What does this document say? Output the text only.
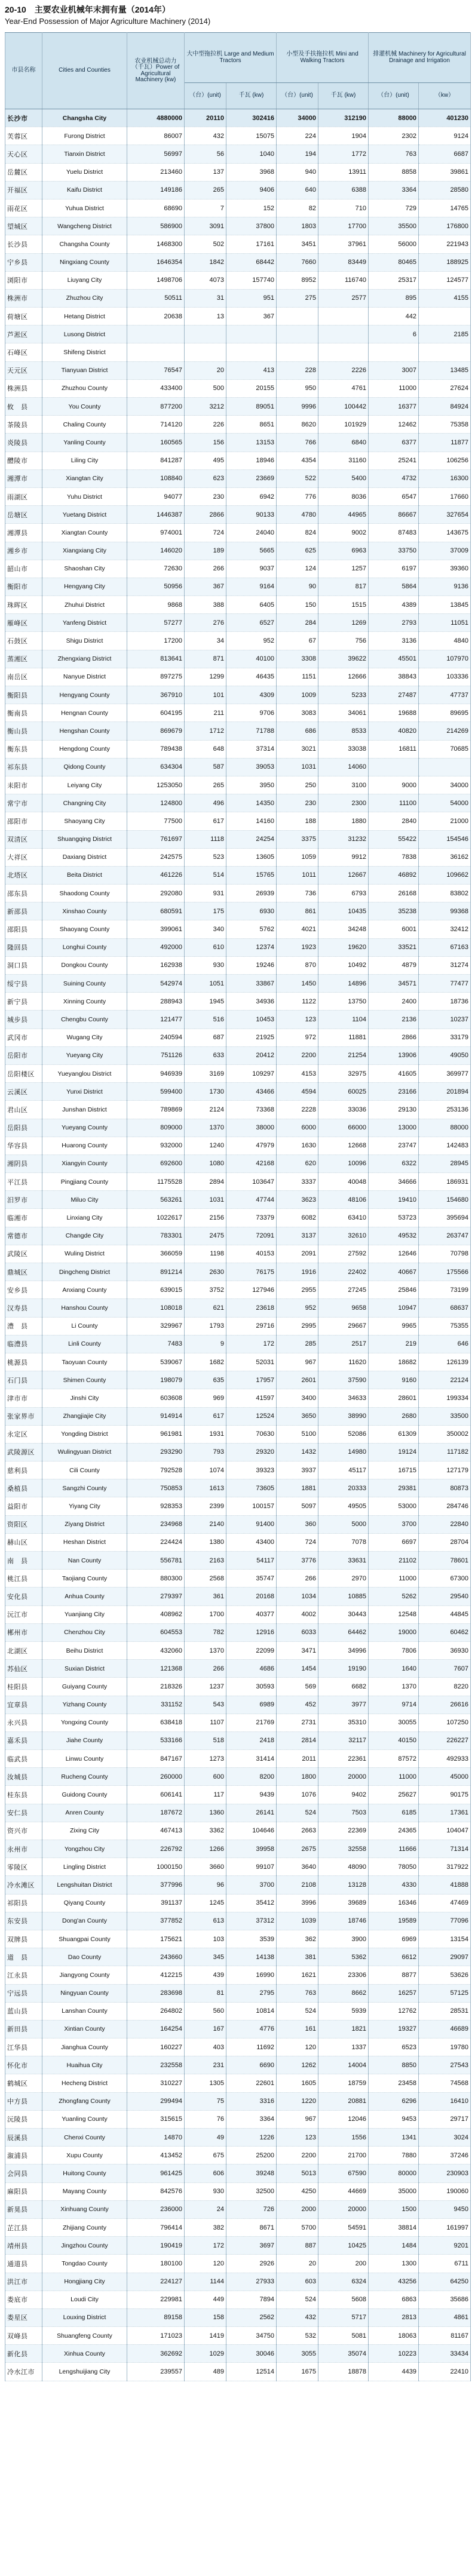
20-10　主要农业机械年末拥有量（2014年）
Year-End Possession of Major Agriculture Machinery (2014)
市县名称	Cities and Counties	农业机械总动力（千瓦）Power of Agricultural Machinery (kw)	大中型拖拉机 Large and Medium Tractors		小型及手扶拖拉机 Mini and Walking Tractors		排灌机械 Machinery for Agricultural Drainage and Irrigation	
			（台）(unit)	千瓦 (kw)	（台）(unit)	千瓦 (kw)	（台）(unit)	（kw）
长沙市	Changsha City	4880000	20110	302416	34000	312190	88000	401230
芙蓉区	Furong District	86007	432	15075	224	1904	2302	9124
天心区	Tianxin District	56997	56	1040	194	1772	763	6687
岳麓区	Yuelu District	213460	137	3968	940	13911	8858	39861
开福区	Kaifu District	149186	265	9406	640	6388	3364	28580
雨花区	Yuhua District	68690	7	152	82	710	729	14765
望城区	Wangcheng District	586900	3091	37800	1803	17700	35500	176800
长沙县	Changsha County	1468300	502	17161	3451	37961	56000	221943
宁乡县	Ningxiang County	1646354	1842	68442	7660	83449	80465	188925
浏阳市	Liuyang City	1498706	4073	157740	8952	116740	25317	124577
株洲市	Zhuzhou City	50511	31	951	275	2577	895	4155
荷塘区	Hetang District	20638	13	367			442	
芦淞区	Lusong District						6	2185
石峰区	Shifeng District							
天元区	Tianyuan District	76547	20	413	228	2226	3007	13485
株洲县	Zhuzhou County	433400	500	20155	950	4761	11000	27624
攸　县	You County	877200	3212	89051	9996	100442	16377	84924
茶陵县	Chaling County	714120	226	8651	8620	101929	12462	75358
炎陵县	Yanling County	160565	156	13153	766	6840	6377	11877
醴陵市	Liling City	841287	495	18946	4354	31160	25241	106256
湘潭市	Xiangtan City	108840	623	23669	522	5400	4732	16300
雨湖区	Yuhu District	94077	230	6942	776	8036	6547	17660
岳塘区	Yuetang District	1446387	2866	90133	4780	44965	86667	327654
湘潭县	Xiangtan County	974001	724	24040	824	9002	87483	143675
湘乡市	Xiangxiang City	146020	189	5665	625	6963	33750	37009
韶山市	Shaoshan City	72630	266	9037	124	1257	6197	39360
衡阳市	Hengyang City	50956	367	9164	90	817	5864	9136
珠晖区	Zhuhui District	9868	388	6405	150	1515	4389	13845
雁峰区	Yanfeng District	57277	276	6527	284	1269	2793	11051
石鼓区	Shigu District	17200	34	952	67	756	3136	4840
蒸湘区	Zhengxiang District	813641	871	40100	3308	39622	45501	107970
南岳区	Nanyue District	897275	1299	46435	1151	12666	38843	103336
衡阳县	Hengyang County	367910	101	4309	1009	5233	27487	47737
衡南县	Hengnan County	604195	211	9706	3083	34061	19688	89695
衡山县	Hengshan County	869679	1712	71788	686	8533	40820	214269
衡东县	Hengdong County	789438	648	37314	3021	33038	16811	70685
祁东县	Qidong County	634304	587	39053	1031	14060		
耒阳市	Leiyang City	1253050	265	3950	250	3100	9000	34000
常宁市	Changning City	124800	496	14350	230	2300	11100	54000
邵阳市	Shaoyang City	77500	617	14160	188	1880	2840	21000
双清区	Shuangqing District	761697	1118	24254	3375	31232	55422	154546
大祥区	Daxiang District	242575	523	13605	1059	9912	7838	36162
北塔区	Beita District	461226	514	15765	1011	12667	46892	109662
邵东县	Shaodong County	292080	931	26939	736	6793	26168	83802
新邵县	Xinshao County	680591	175	6930	861	10435	35238	99368
邵阳县	Shaoyang County	399061	340	5762	4021	34248	6001	32412
隆回县	Longhui County	492000	610	12374	1923	19620	33521	67163
洞口县	Dongkou County	162938	930	19246	870	10492	4879	31274
绥宁县	Suining County	542974	1051	33867	1450	14896	34571	77477
新宁县	Xinning County	288943	1945	34936	1122	13750	2400	18736
城步县	Chengbu County	121477	516	10453	123	1104	2136	10237
武冈市	Wugang City	240594	687	21925	972	11881	2866	33179
岳阳市	Yueyang City	751126	633	20412	2200	21254	13906	49050
岳阳楼区	Yueyanglou District	946939	3169	109297	4153	32975	41605	369977
云溪区	Yunxi District	599400	1730	43466	4594	60025	23166	201894
君山区	Junshan District	789869	2124	73368	2228	33036	29130	253136
岳阳县	Yueyang County	809000	1370	38000	6000	66000	13000	88000
华容县	Huarong County	932000	1240	47979	1630	12668	23747	142483
湘阴县	Xiangyin County	692600	1080	42168	620	10096	6322	28945
平江县	Pingjiang County	1175528	2894	103647	3337	40048	34666	186931
汨罗市	Miluo City	563261	1031	47744	3623	48106	19410	154680
临湘市	Linxiang City	1022617	2156	73379	6082	63410	53723	395694
常德市	Changde City	783301	2475	72091	3137	32610	49532	263747
武陵区	Wuling District	366059	1198	40153	2091	27592	12646	70798
鼎城区	Dingcheng District	891214	2630	76175	1916	22402	40667	175566
安乡县	Anxiang County	639015	3752	127946	2955	27245	25846	73199
汉寿县	Hanshou County	108018	621	23618	952	9658	10947	68637
澧　县	Li County	329967	1793	29716	2995	29667	9965	75355
临澧县	Linli County	7483	9	172	285	2517	219	646
桃源县	Taoyuan County	539067	1682	52031	967	11620	18682	126139
石门县	Shimen County	198079	635	17957	2601	37590	9160	22124
津市市	Jinshi City	603608	969	41597	3400	34633	28601	199334
张家界市	Zhangjiajie City	914914	617	12524	3650	38990	2680	33500
永定区	Yongding District	961981	1931	70630	5100	52086	61309	350002
武陵源区	Wulingyuan District	293290	793	29320	1432	14980	19124	117182
慈利县	Cili County	792528	1074	39323	3937	45117	16715	127179
桑植县	Sangzhi County	750853	1613	73605	1881	20333	29381	80873
益阳市	Yiyang City	928353	2399	100157	5097	49505	53000	284746
资阳区	Ziyang District	234968	2140	91400	360	5000	3700	22840
赫山区	Heshan District	224424	1380	43400	724	7078	6697	28704
南　县	Nan County	556781	2163	54117	3776	33631	21102	78601
桃江县	Taojiang County	880300	2568	35747	266	2970	11000	67300
安化县	Anhua County	279397	361	20168	1034	10885	5262	29540
沅江市	Yuanjiang City	408962	1700	40377	4002	30443	12548	44845
郴州市	Chenzhou City	604553	782	12916	6033	64462	19000	60462
北湖区	Beihu District	432060	1370	22099	3471	34996	7806	36930
苏仙区	Suxian District	121368	266	4686	1454	19190	1640	7607
桂阳县	Guiyang County	218326	1237	30593	569	6682	1370	8220
宜章县	Yizhang County	331152	543	6989	452	3977	9714	26616
永兴县	Yongxing County	638418	1107	21769	2731	35310	30055	107250
嘉禾县	Jiahe County	533166	518	2418	2814	32117	40150	226227
临武县	Linwu County	847167	1273	31414	2011	22361	87572	492933
汝城县	Rucheng County	260000	600	8200	1800	20000	11000	45000
桂东县	Guidong County	606141	117	9439	1076	9402	25627	90175
安仁县	Anren County	187672	1360	26141	524	7503	6185	17361
资兴市	Zixing City	467413	3362	104646	2663	22369	24365	104047
永州市	Yongzhou City	226792	1266	39958	2675	32558	11666	71314
零陵区	Lingling District	1000150	3660	99107	3640	48090	78050	317922
冷水滩区	Lengshuitan District	377996	96	3700	2108	13128	4330	41888
祁阳县	Qiyang County	391137	1245	35412	3996	39689	16346	47469
东安县	Dong'an County	377852	613	37312	1039	18746	19589	77096
双牌县	Shuangpai County	175621	103	3539	362	3900	6969	13154
道　县	Dao County	243660	345	14138	381	5362	6612	29097
江永县	Jiangyong County	412215	439	16990	1621	23306	8877	53626
宁远县	Ningyuan County	283698	81	2795	763	8662	16257	57125
蓝山县	Lanshan County	264802	560	10814	524	5939	12762	28531
新田县	Xintian County	164254	167	4776	161	1821	19327	46689
江华县	Jianghua County	160227	403	11692	120	1337	6523	19780
怀化市	Huaihua City	232558	231	6690	1262	14004	8850	27543
鹤城区	Hecheng District	310227	1305	22601	1605	18759	23458	74568
中方县	Zhongfang County	299494	75	3316	1220	20881	6296	16410
沅陵县	Yuanling County	315615	76	3364	967	12046	9453	29717
辰溪县	Chenxi County	14870	49	1226	123	1556	1341	3024
溆浦县	Xupu County	413452	675	25200	2200	21700	7880	37246
会同县	Huitong County	961425	606	39248	5013	67590	80000	230903
麻阳县	Mayang County	842576	930	32500	4250	44669	35000	190060
新晃县	Xinhuang County	236000	24	726	2000	20000	1500	9450
芷江县	Zhijiang County	796414	382	8671	5700	54591	38814	161997
靖州县	Jingzhou County	190419	172	3697	887	10425	1484	9201
通道县	Tongdao County	180100	120	2926	20	200	1300	6711
洪江市	Hongjiang City	224127	1144	27933	603	6324	43256	64250
娄底市	Loudi City	229981	449	7894	524	5608	6863	35686
娄星区	Louxing District	89158	158	2562	432	5717	2813	4861
双峰县	Shuangfeng County	171023	1419	34750	532	5081	18063	81167
新化县	Xinhua County	362692	1029	30046	3055	35074	10223	33434
冷水江市	Lengshuijiang City	239557	489	12514	1675	18878	4439	22410
